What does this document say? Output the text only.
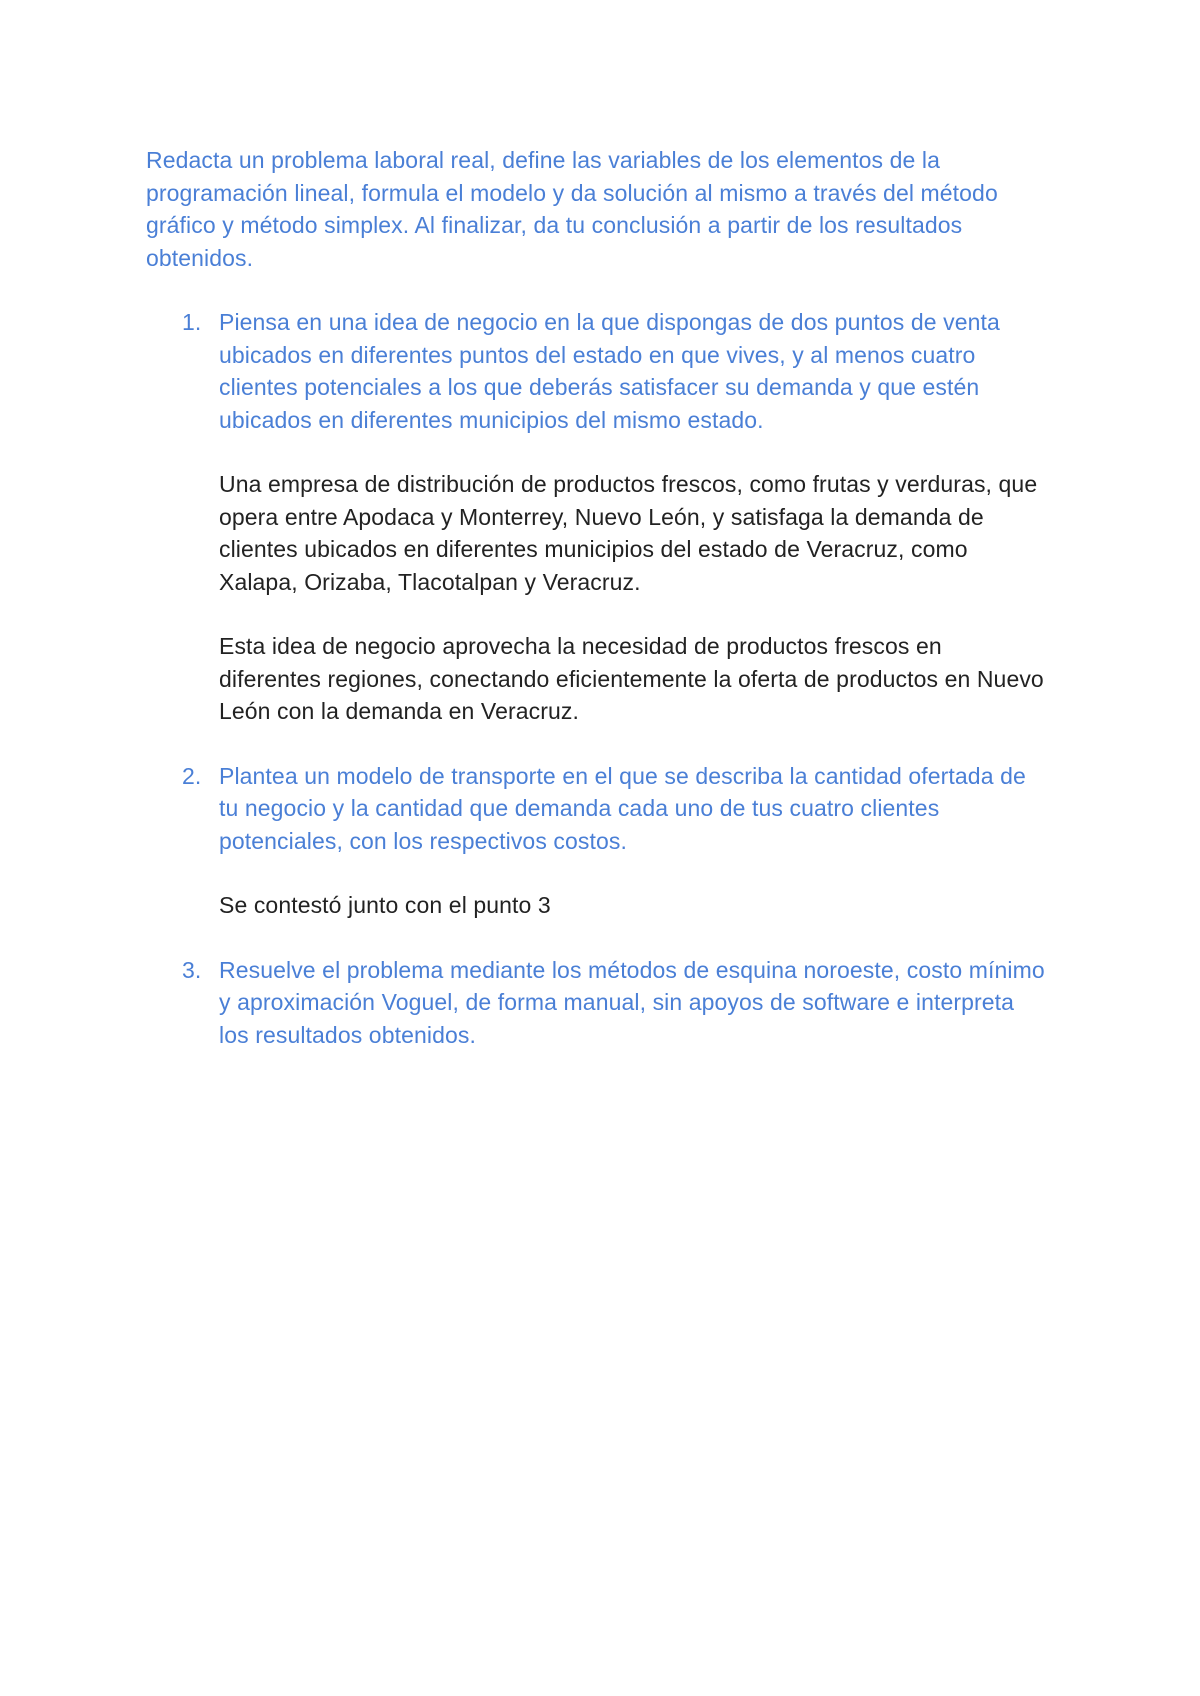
Redacta un problema laboral real, define las variables de los elementos de la programación lineal, formula el modelo y da solución al mismo a través del método gráfico y método simplex. Al finalizar, da tu conclusión a partir de los resultados obtenidos.

1. Piensa en una idea de negocio en la que dispongas de dos puntos de venta ubicados en diferentes puntos del estado en que vives, y al menos cuatro clientes potenciales a los que deberás satisfacer su demanda y que estén ubicados en diferentes municipios del mismo estado.

Una empresa de distribución de productos frescos, como frutas y verduras, que opera entre Apodaca y Monterrey, Nuevo León, y satisfaga la demanda de clientes ubicados en diferentes municipios del estado de Veracruz, como Xalapa, Orizaba, Tlacotalpan y Veracruz.

Esta idea de negocio aprovecha la necesidad de productos frescos en diferentes regiones, conectando eficientemente la oferta de productos en Nuevo León con la demanda en Veracruz.

2. Plantea un modelo de transporte en el que se describa la cantidad ofertada de tu negocio y la cantidad que demanda cada uno de tus cuatro clientes potenciales, con los respectivos costos.

Se contestó junto con el punto 3

3. Resuelve el problema mediante los métodos de esquina noroeste, costo mínimo y aproximación Voguel, de forma manual, sin apoyos de software e interpreta los resultados obtenidos.
